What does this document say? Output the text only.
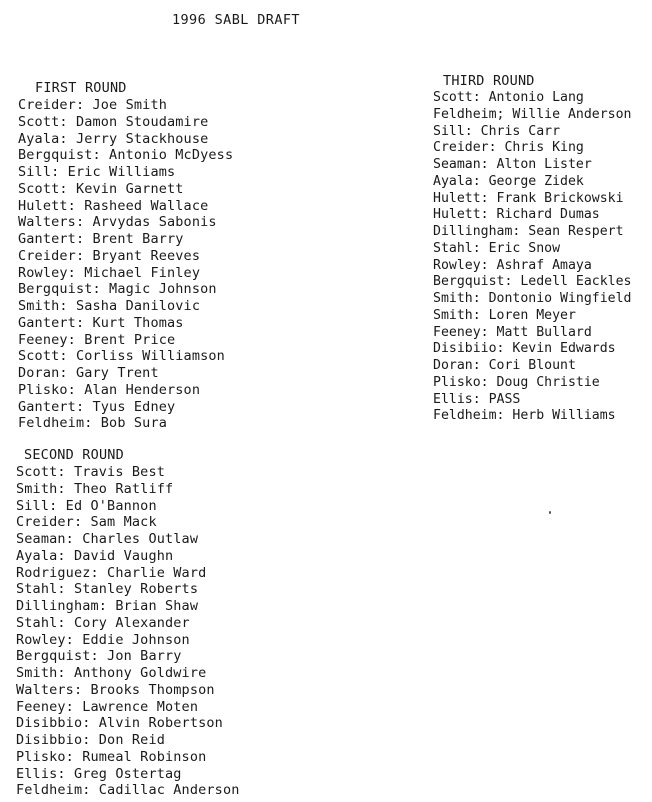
1996 SABL DRAFT
FIRST ROUND
Creider: Joe Smith
Scott: Damon Stoudamire
Ayala: Jerry Stackhouse
Bergquist: Antonio McDyess
Sill: Eric Williams
Scott: Kevin Garnett
Hulett: Rasheed Wallace
Walters: Arvydas Sabonis
Gantert: Brent Barry
Creider: Bryant Reeves
Rowley: Michael Finley
Bergquist: Magic Johnson
Smith: Sasha Danilovic
Gantert: Kurt Thomas
Feeney: Brent Price
Scott: Corliss Williamson
Doran: Gary Trent
Plisko: Alan Henderson
Gantert: Tyus Edney
Feldheim: Bob Sura
SECOND ROUND
Scott: Travis Best
Smith: Theo Ratliff
Sill: Ed O'Bannon
Creider: Sam Mack
Seaman: Charles Outlaw
Ayala: David Vaughn
Rodriguez: Charlie Ward
Stahl: Stanley Roberts
Dillingham: Brian Shaw
Stahl: Cory Alexander
Rowley: Eddie Johnson
Bergquist: Jon Barry
Smith: Anthony Goldwire
Walters: Brooks Thompson
Feeney: Lawrence Moten
Disibbio: Alvin Robertson
Disibbio: Don Reid
Plisko: Rumeal Robinson
Ellis: Greg Ostertag
Feldheim: Cadillac Anderson
THIRD ROUND
Scott: Antonio Lang
Feldheim; Willie Anderson
Sill: Chris Carr
Creider: Chris King
Seaman: Alton Lister
Ayala: George Zidek
Hulett: Frank Brickowski
Hulett: Richard Dumas
Dillingham: Sean Respert
Stahl: Eric Snow
Rowley: Ashraf Amaya
Bergquist: Ledell Eackles
Smith: Dontonio Wingfield
Smith: Loren Meyer
Feeney: Matt Bullard
Disibiio: Kevin Edwards
Doran: Cori Blount
Plisko: Doug Christie
Ellis: PASS
Feldheim: Herb Williams
